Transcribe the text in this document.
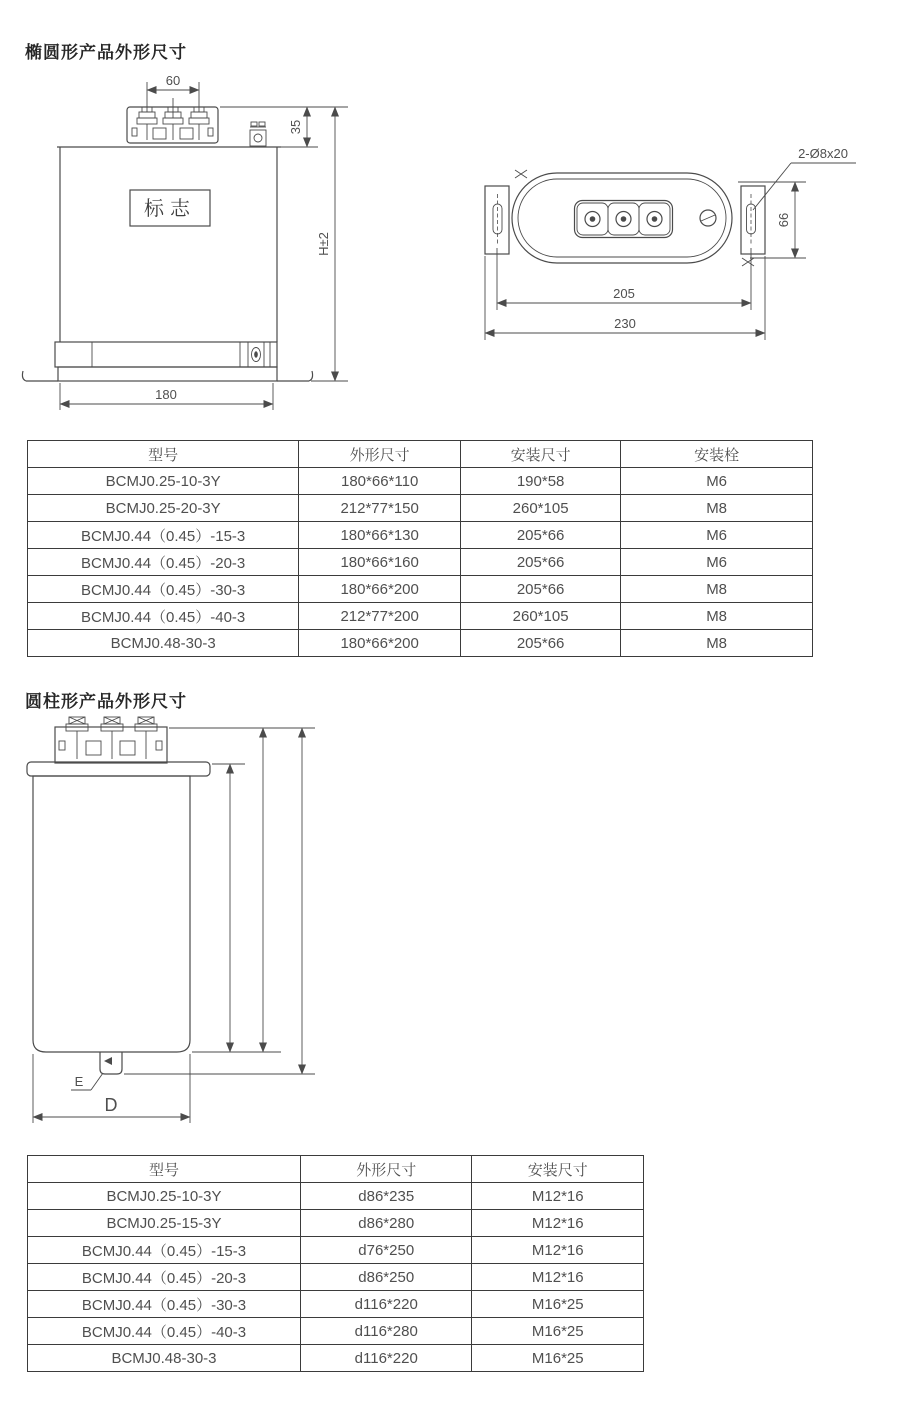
椭圆形产品外形尺寸
60
标志
180
35
H±2
2-Ø8x20
66
205
230
型号	外形尺寸	安装尺寸	安装栓
BCMJ0.25-10-3Y	180*66*110	190*58	M6
BCMJ0.25-20-3Y	212*77*150	260*105	M8
BCMJ0.44（0.45）-15-3	180*66*130	205*66	M6
BCMJ0.44（0.45）-20-3	180*66*160	205*66	M6
BCMJ0.44（0.45）-30-3	180*66*200	205*66	M8
BCMJ0.44（0.45）-40-3	212*77*200	260*105	M8
BCMJ0.48-30-3	180*66*200	205*66	M8
圆柱形产品外形尺寸
E
D
型号	外形尺寸	安装尺寸
BCMJ0.25-10-3Y	d86*235	M12*16
BCMJ0.25-15-3Y	d86*280	M12*16
BCMJ0.44（0.45）-15-3	d76*250	M12*16
BCMJ0.44（0.45）-20-3	d86*250	M12*16
BCMJ0.44（0.45）-30-3	d116*220	M16*25
BCMJ0.44（0.45）-40-3	d116*280	M16*25
BCMJ0.48-30-3	d116*220	M16*25
